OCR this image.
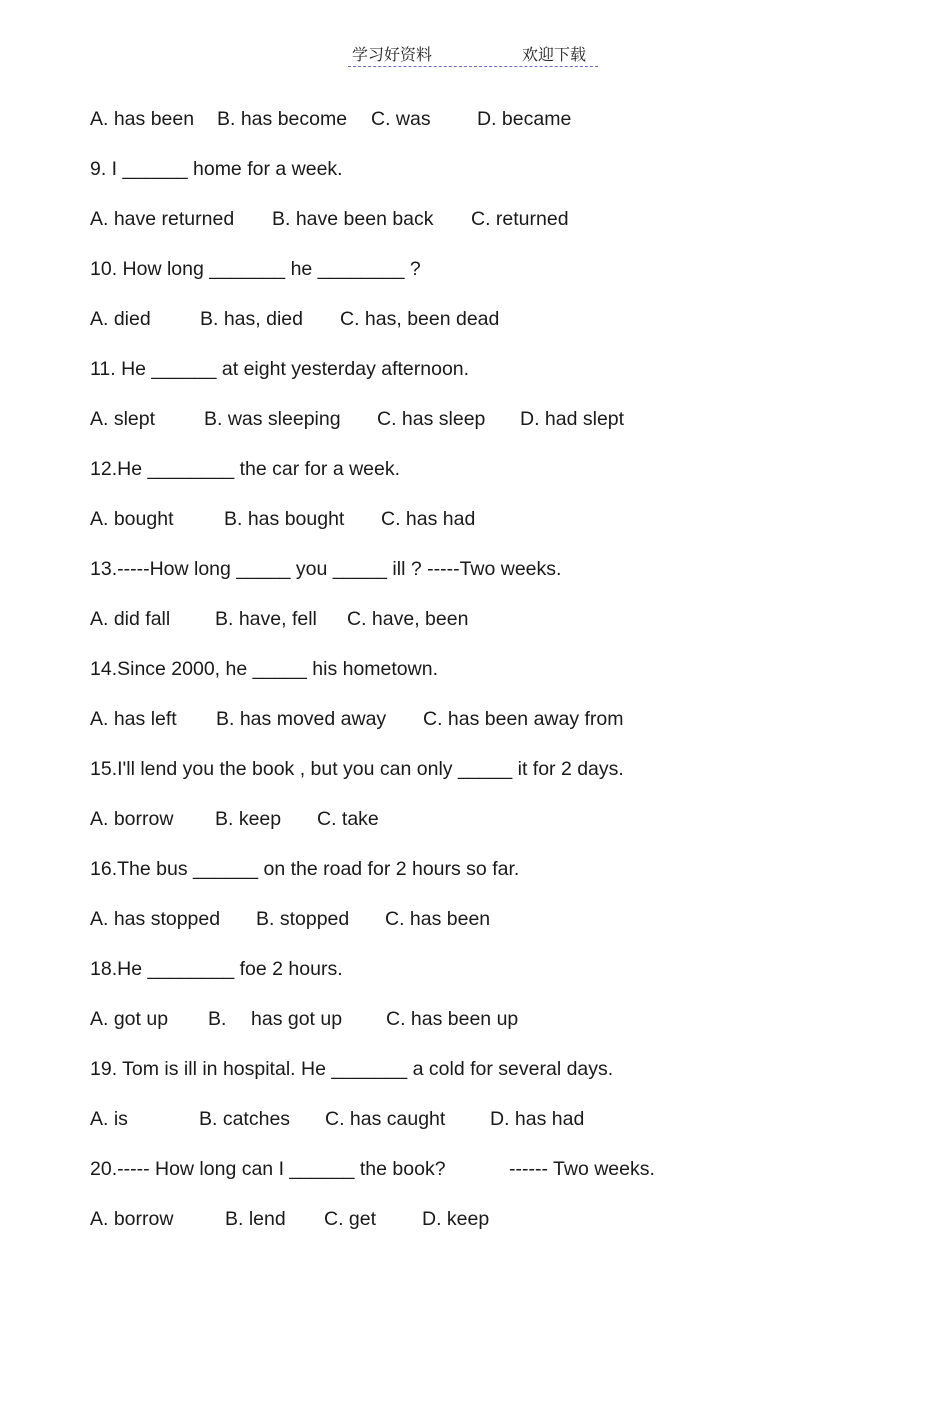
学习好资料	欢迎下载

A. has been

B. has become

C. was

D. became

9. I ______ home for a week.

A. have returned

B. have been back

C. returned

10. How long _______ he ________ ?

A. died

	B. has, died

C. has, been dead

11. He ______ at eight yesterday afternoon.

A. slept

	B. was sleeping

C. has sleep

D. had slept

12.He ________ the car for a week.

A. bought

	B. has bought

C. has had

13.-----How long _____ you _____ ill ? -----Two weeks.

A. did fall

B. have, fell

C. have, been

14.Since 2000, he _____ his hometown.

A. has left

B. has moved away

C. has been away from

15.I'll lend you the book , but you can only _____ it for 2 days.

A. borrow

B. keep

C. take

16.The bus ______ on the road for 2 hours so far.

A. has stopped

B. stopped

C. has been

18.He ________ foe 2 hours.

A. got up

B.

has got up

C. has been up

19. Tom is ill in hospital. He _______ a cold for several days.

A. is

	B. catches

C. has caught

D. has had

20.----- How long can I ______ the book?

	------ Two weeks.

A. borrow

	B. lend

C. get

D. keep
